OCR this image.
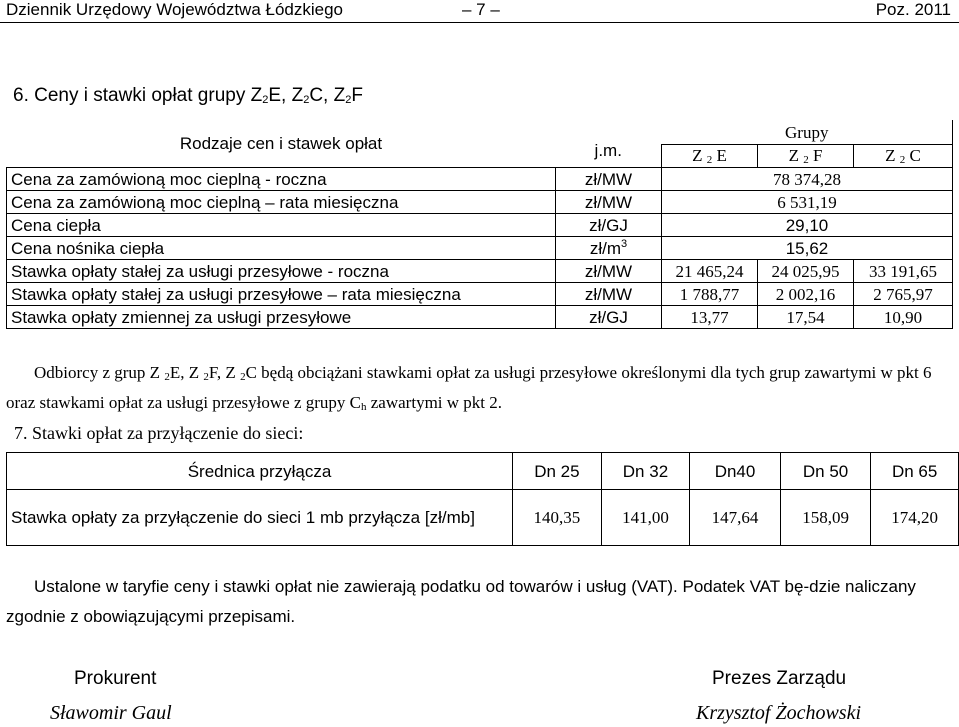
Dziennik Urzędowy Województwa Łódzkiego	– 7 –	Poz. 2011
6. Ceny i stawki opłat grupy $Z_2E$, $Z_2C$, $Z_2F$
Rodzaje cen i stawek opłat	j.m.	Grupy		
		Z $_2$ E	Z $_2$ F	Z $_2$ C
Cena za zamówioną moc cieplną - roczna	zł/MW	78 374,28		
Cena za zamówioną moc cieplną – rata miesięczna	zł/MW	6 531,19		
Cena ciepła	zł/GJ	29,10		
Cena nośnika ciepła	$zł/m^3$	15,62		
Stawka opłaty stałej za usługi przesyłowe - roczna	zł/MW	21 465,24	24 025,95	33 191,65
Stawka opłaty stałej za usługi przesyłowe – rata miesięczna	zł/MW	1 788,77	2 002,16	2 765,97
Stawka opłaty zmiennej za usługi przesyłowe	zł/GJ	13,77	17,54	10,90
Odbiorcy z grup Z $_2$E, Z $_2$F, Z $_2$C będą obciążani stawkami opłat za usługi przesyłowe określonymi dla tych grup zawartymi w pkt 6 oraz stawkami opłat za usługi przesyłowe z grupy $C_h$ zawartymi w pkt 2.
7. Stawki opłat za przyłączenie do sieci:
Średnica przyłącza	Dn 25	Dn 32	Dn40	Dn 50	Dn 65
Stawka opłaty za przyłączenie do sieci 1 mb przyłącza [zł/mb]	140,35	141,00	147,64	158,09	174,20
Ustalone w taryfie ceny i stawki opłat nie zawierają podatku od towarów i usług (VAT). Podatek VAT bę-dzie naliczany zgodnie z obowiązującymi przepisami.
Prokurent
Sławomir Gaul
Prezes Zarządu
Krzysztof Żochowski
